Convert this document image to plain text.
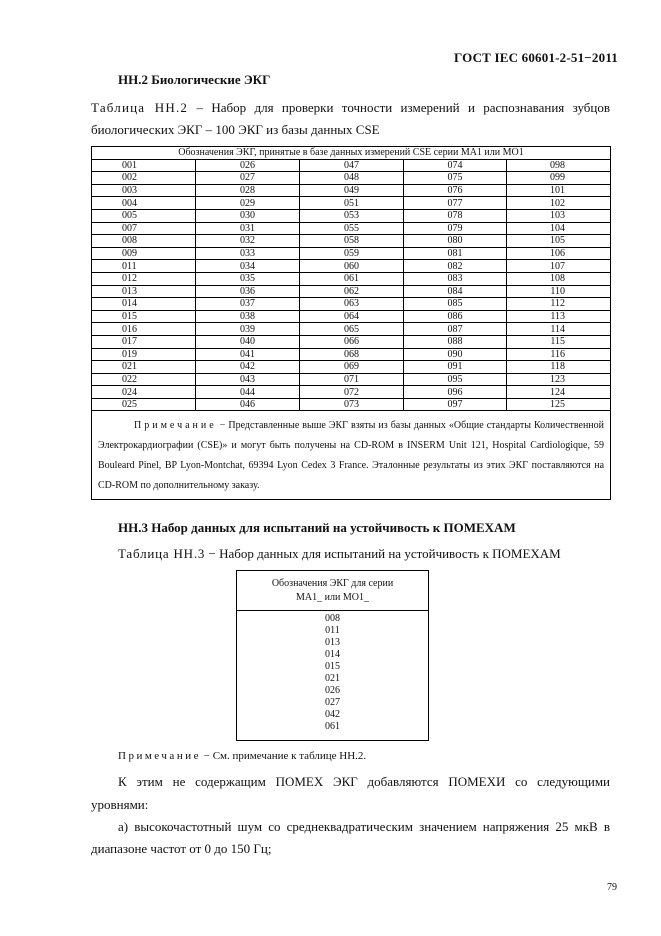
ГОСТ IEC 60601-2-51−2011
НН.2 Биологические ЭКГ
Таблица НН.2 – Набор для проверки точности измерений и распознавания зубцов
биологических ЭКГ – 100 ЭКГ из базы данных CSE
Обозначения ЭКГ, принятые в базе данных измерений CSE серии MA1 или MO1				
001	026	047	074	098
002	027	048	075	099
003	028	049	076	101
004	029	051	077	102
005	030	053	078	103
007	031	055	079	104
008	032	058	080	105
009	033	059	081	106
011	034	060	082	107
012	035	061	083	108
013	036	062	084	110
014	037	063	085	112
015	038	064	086	113
016	039	065	087	114
017	040	066	088	115
019	041	068	090	116
021	042	069	091	118
022	043	071	095	123
024	044	072	096	124
025	046	073	097	125
Примечание − Представленные выше ЭКГ взяты из базы данных «Общие стандарты Количественной Электрокардиографии (CSE)» и могут быть получены на CD-ROM в INSERM Unit 121, Hospital Cardiologique, 59 Bouleard Pinel, BP Lyon-Montchat, 69394 Lyon Cedex 3 France. Эталонные результаты из этих ЭКГ поставляются на CD-ROM по дополнительному заказу.				
НН.3 Набор данных для испытаний на устойчивость к ПОМЕХАМ
Таблица НН.3 − Набор данных для испытаний на устойчивость к ПОМЕХАМ
Обозначения ЭКГ для серии
MA1_ или MO1_
008
011
013
014
015
021
026
027
042
061
Примечание − См. примечание к таблице НН.2.
К этим не содержащим ПОМЕХ ЭКГ добавляются ПОМЕХИ со следующими
уровнями:
а) высокочастотный шум со среднеквадратическим значением напряжения 25 мкВ в
диапазоне частот от 0 до 150 Гц;
79
